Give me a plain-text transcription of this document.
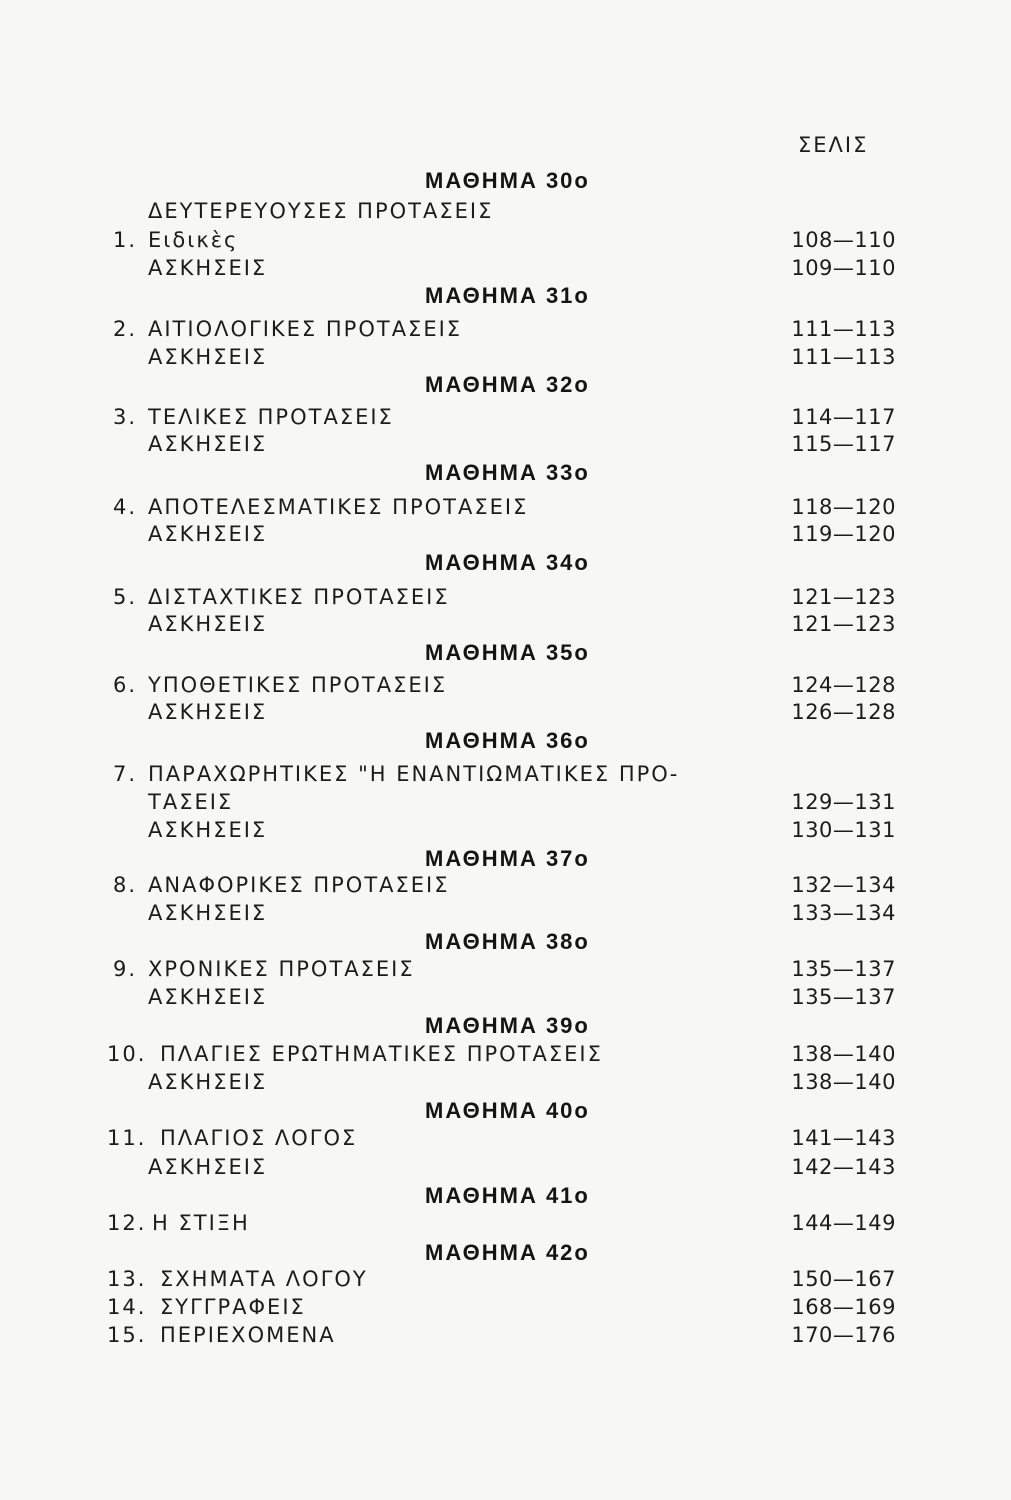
ΣΕΛΙΣ
ΜΑΘΗΜΑ 30ο
ΔΕΥΤΕΡΕΥΟΥΣΕΣ ΠΡΟΤΑΣΕΙΣ
1. Ειδικὲς	108—110
ΑΣΚΗΣΕΙΣ	109—110
ΜΑΘΗΜΑ 31ο
2. ΑΙΤΙΟΛΟΓΙΚΕΣ ΠΡΟΤΑΣΕΙΣ	111—113
ΑΣΚΗΣΕΙΣ	111—113
ΜΑΘΗΜΑ 32ο
3. ΤΕΛΙΚΕΣ ΠΡΟΤΑΣΕΙΣ	114—117
ΑΣΚΗΣΕΙΣ	115—117
ΜΑΘΗΜΑ 33ο
4. ΑΠΟΤΕΛΕΣΜΑΤΙΚΕΣ ΠΡΟΤΑΣΕΙΣ	118—120
ΑΣΚΗΣΕΙΣ	119—120
ΜΑΘΗΜΑ 34ο
5. ΔΙΣΤΑΧΤΙΚΕΣ ΠΡΟΤΑΣΕΙΣ	121—123
ΑΣΚΗΣΕΙΣ	121—123
ΜΑΘΗΜΑ 35ο
6. ΥΠΟΘΕΤΙΚΕΣ ΠΡΟΤΑΣΕΙΣ	124—128
ΑΣΚΗΣΕΙΣ	126—128
ΜΑΘΗΜΑ 36ο
7. ΠΑΡΑΧΩΡΗΤΙΚΕΣ "Η ΕΝΑΝΤΙΩΜΑΤΙΚΕΣ ΠΡΟ-
ΤΑΣΕΙΣ	129—131
ΑΣΚΗΣΕΙΣ	130—131
ΜΑΘΗΜΑ 37ο
8. ΑΝΑΦΟΡΙΚΕΣ ΠΡΟΤΑΣΕΙΣ	132—134
ΑΣΚΗΣΕΙΣ	133—134
ΜΑΘΗΜΑ 38ο
9. ΧΡΟΝΙΚΕΣ ΠΡΟΤΑΣΕΙΣ	135—137
ΑΣΚΗΣΕΙΣ	135—137
ΜΑΘΗΜΑ 39ο
10. ΠΛΑΓΙΕΣ ΕΡΩΤΗΜΑΤΙΚΕΣ ΠΡΟΤΑΣΕΙΣ	138—140
ΑΣΚΗΣΕΙΣ	138—140
ΜΑΘΗΜΑ 40ο
11. ΠΛΑΓΙΟΣ ΛΟΓΟΣ	141—143
ΑΣΚΗΣΕΙΣ	142—143
ΜΑΘΗΜΑ 41ο
12. Η ΣΤΙΞΗ	144—149
ΜΑΘΗΜΑ 42ο
13. ΣΧΗΜΑΤΑ ΛΟΓΟΥ	150—167
14. ΣΥΓΓΡΑΦΕΙΣ	168—169
15. ΠΕΡΙΕΧΟΜΕΝΑ	170—176
